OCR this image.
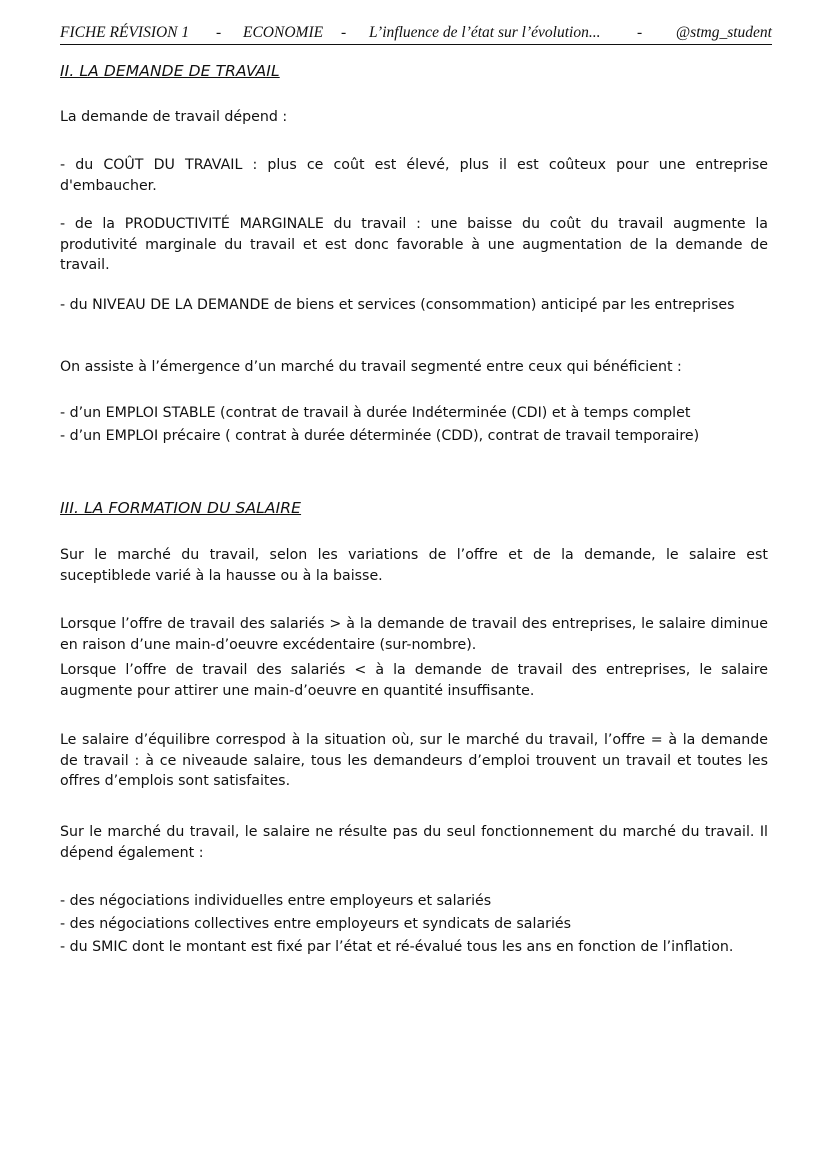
FICHE RÉVISION 1 - ECONOMIE - L’influence de l’état sur l’évolution... - @stmg_student
II. LA DEMANDE DE TRAVAIL

La demande de travail dépend :

- du COÛT DU TRAVAIL : plus ce coût est élevé, plus il est coûteux pour une entreprise d'embaucher.

- de la PRODUCTIVITÉ MARGINALE du travail : une baisse du coût du travail augmente la produtivité marginale du travail et est donc favorable à une augmentation de la demande de travail.

- du NIVEAU DE LA DEMANDE de biens et services (consommation) anticipé par les entreprises

On assiste à l’émergence d’un marché du travail segmenté entre ceux qui bénéficient :

- d’un EMPLOI STABLE (contrat de travail à durée Indéterminée (CDI) et à temps complet
- d’un EMPLOI précaire ( contrat à durée déterminée (CDD), contrat de travail temporaire)
III. LA FORMATION DU SALAIRE

Sur le marché du travail, selon les variations de l’offre et de la demande, le salaire est suceptiblede varié à la hausse ou à la baisse.

Lorsque l’offre de travail des salariés > à la demande de travail des entreprises, le salaire diminue en raison d’une main-d’oeuvre excédentaire (sur-nombre).

Lorsque l’offre de travail des salariés < à la demande de travail des entreprises, le salaire augmente pour attirer une main-d’oeuvre en quantité insuffisante.

Le salaire d’équilibre correspod à la situation où, sur le marché du travail, l’offre = à la demande de travail : à ce niveaude salaire, tous les demandeurs d’emploi trouvent un travail et toutes les offres d’emplois sont satisfaites.

Sur le marché du travail, le salaire ne résulte pas du seul fonctionnement du marché du travail. Il dépend également :

- des négociations individuelles entre employeurs et salariés
- des négociations collectives entre employeurs et syndicats de salariés
- du SMIC dont le montant est fixé par l’état et ré-évalué tous les ans en fonction de l’inflation.
